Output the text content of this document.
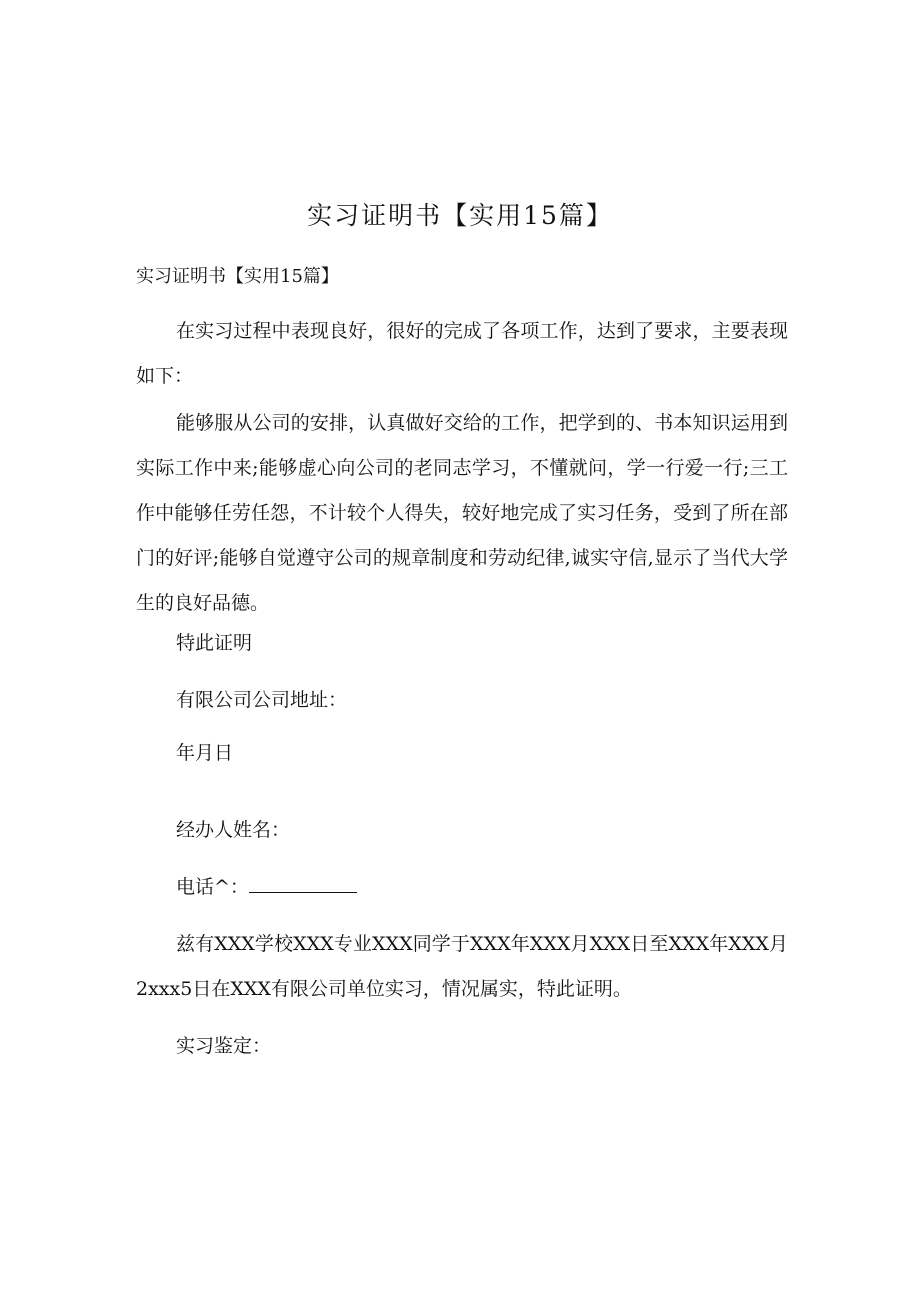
实习证明书【实用15篇】

实习证明书【实用15篇】

在实习过程中表现良好，很好的完成了各项工作，达到了要求，主要表现如下：

能够服从公司的安排，认真做好交给的工作，把学到的、书本知识运用到实际工作中来;能够虚心向公司的老同志学习，不懂就问，学一行爱一行;三工作中能够任劳任怨，不计较个人得失，较好地完成了实习任务，受到了所在部门的好评;能够自觉遵守公司的规章制度和劳动纪律,诚实守信,显示了当代大学生的良好品德。

特此证明

有限公司公司地址：

年月日

经办人姓名：

电话^：

兹有XXX学校XXX专业XXX同学于XXX年XXX月XXX日至XXX年XXX月2xxx5日在XXX有限公司单位实习，情况属实，特此证明。

实习鉴定：
